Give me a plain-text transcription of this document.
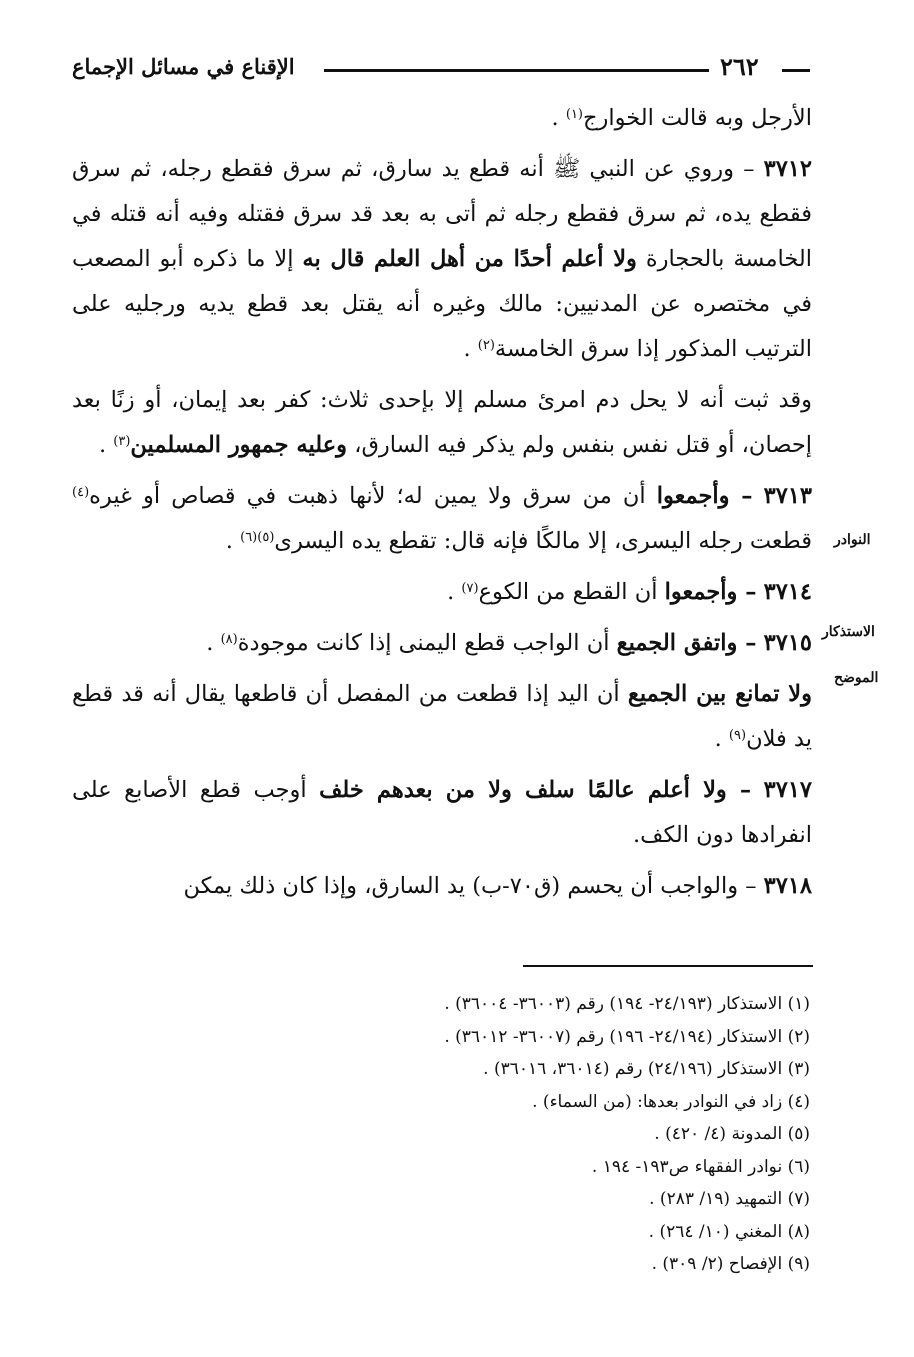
الإقناع في مسائل الإجماع	٢٦٢
النوادر
الاستذكار
الموضح

الأرجل وبه قالت الخوارج$^{(١)}$ .

٣٧١٢ – وروي عن النبي ﷺ أنه قطع يد سارق، ثم سرق فقطع رجله، ثم سرق فقطع يده، ثم سرق فقطع رجله ثم أتى به بعد قد سرق فقتله وفيه أنه قتله في الخامسة بالحجارة ولا أعلم أحدًا من أهل العلم قال به إلا ما ذكره أبو المصعب في مختصره عن المدنيين: مالك وغيره أنه يقتل بعد قطع يديه ورجليه على الترتيب المذكور إذا سرق الخامسة$^{(٢)}$ .

وقد ثبت أنه لا يحل دم امرئ مسلم إلا بإحدى ثلاث: كفر بعد إيمان، أو زنًا بعد إحصان، أو قتل نفس بنفس ولم يذكر فيه السارق، وعليه جمهور المسلمين$^{(٣)}$ .

٣٧١٣ – وأجمعوا أن من سرق ولا يمين له؛ لأنها ذهبت في قصاص أو غيره$^{(٤)}$ قطعت رجله اليسرى، إلا مالكًا فإنه قال: تقطع يده اليسرى$^{(٥)(٦)}$ .

٣٧١٤ – وأجمعوا أن القطع من الكوع$^{(٧)}$ .

٣٧١٥ – واتفق الجميع أن الواجب قطع اليمنى إذا كانت موجودة$^{(٨)}$ .

ولا تمانع بين الجميع أن اليد إذا قطعت من المفصل أن قاطعها يقال أنه قد قطع يد فلان$^{(٩)}$ .

٣٧١٧ – ولا أعلم عالمًا سلف ولا من بعدهم خلف أوجب قطع الأصابع على انفرادها دون الكف.

٣٧١٨ – والواجب أن يحسم (ق٧٠-ب) يد السارق، وإذا كان ذلك يمكن

(١) الاستذكار (٢٤/١٩٣- ١٩٤) رقم (٣٦٠٠٣- ٣٦٠٠٤) .
(٢) الاستذكار (٢٤/١٩٤- ١٩٦) رقم (٣٦٠٠٧- ٣٦٠١٢) .
(٣) الاستذكار (٢٤/١٩٦) رقم (٣٦٠١٤، ٣٦٠١٦) .
(٤) زاد في النوادر بعدها: (من السماء) .
(٥) المدونة (٤/ ٤٢٠) .
(٦) نوادر الفقهاء ص١٩٣- ١٩٤ .
(٧) التمهيد (١٩/ ٢٨٣) .
(٨) المغني (١٠/ ٢٦٤) .
(٩) الإفصاح (٢/ ٣٠٩) .
